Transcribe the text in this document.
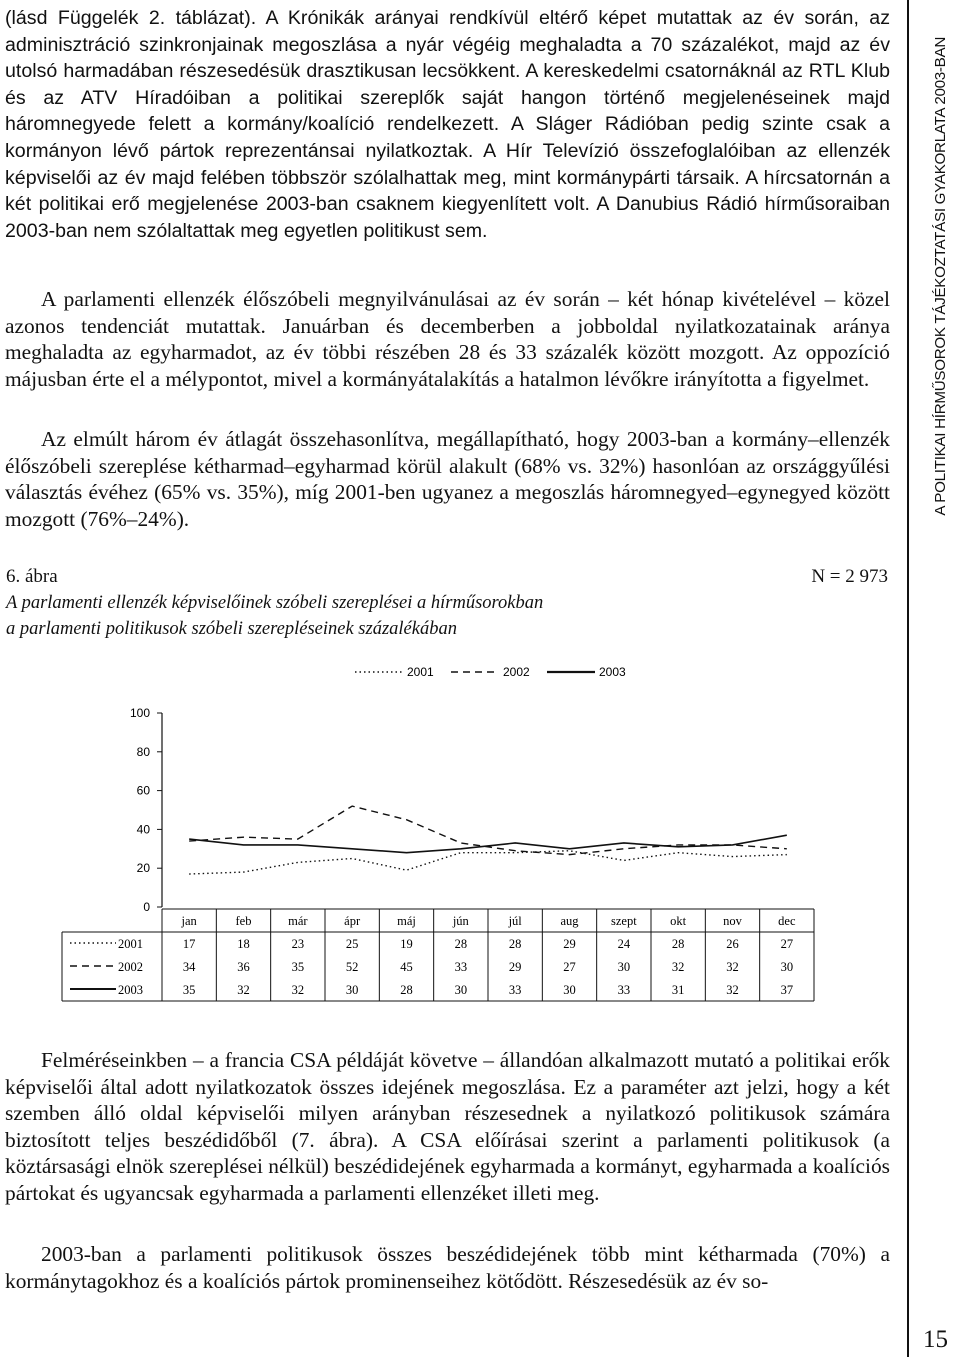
(lásd Függelék 2. táblázat). A Krónikák arányai rendkívül eltérő képet mutattak az év során, az adminisztráció szinkronjainak megoszlása a nyár végéig meghaladta a 70 százalékot, majd az év utolsó harmadában részesedésük drasztikusan lecsökkent. A kereskedelmi csatornáknál az RTL Klub és az ATV Híradóiban a politikai szereplők saját hangon történő megjelenéseinek majd háromnegyede felett a kormány/koalíció rendelkezett. A Sláger Rádióban pedig szinte csak a kormányon lévő pártok reprezentánsai nyilatkoztak. A Hír Televízió összefoglalóiban az ellenzék képviselői az év majd felében többször szólalhattak meg, mint kormánypárti társaik. A hírcsatornán a két politikai erő megjelenése 2003-ban csaknem kiegyenlített volt. A Danubius Rádió hírműsoraiban 2003-ban nem szólaltattak meg egyetlen politikust sem.

A parlamenti ellenzék élőszóbeli megnyilvánulásai az év során – két hónap kivételével – közel azonos tendenciát mutattak. Januárban és decemberben a jobboldal nyilatkozatainak aránya meghaladta az egyharmadot, az év többi részében 28 és 33 százalék között mozgott. Az oppozíció májusban érte el a mélypontot, mivel a kormányátalakítás a hatalmon lévőkre irányította a figyelmet.

Az elmúlt három év átlagát összehasonlítva, megállapítható, hogy 2003-ban a kormány–ellenzék élőszóbeli szereplése kétharmad–egyharmad körül alakult (68% vs. 32%) hasonlóan az országgyűlési választás évéhez (65% vs. 35%), míg 2001-ben ugyanez a megoszlás háromnegyed–egynegyed között mozgott (76%–24%).

A POLITIKAI HÍRMŰSOROK TÁJÉKOZTATÁSI GYAKORLATA 2003-BAN
6. ábra	N = 2 973
A parlamenti ellenzék képviselőinek szóbeli szereplései a hírműsorokban
a parlamenti politikusok szóbeli szerepléseinek százalékában
0
20
40
60
80
100
2001	2002	2003
jan	feb	már	ápr	máj	jún	júl	aug	szept	okt	nov	dec
2001	17	18	23	25	19	28	28	29	24	28	26	27
2002	34	36	35	52	45	33	29	27	30	32	32	30
2003	35	32	32	30	28	30	33	30	33	31	32	37

Felméréseinkben – a francia CSA példáját követve – állandóan alkalmazott mutató a politikai erők képviselői által adott nyilatkozatok összes idejének megoszlása. Ez a paraméter azt jelzi, hogy a két szemben álló oldal képviselői milyen arányban részesednek a nyilatkozó politikusok számára biztosított teljes beszédidőből (7. ábra). A CSA előírásai szerint a parlamenti politikusok (a köztársasági elnök szereplései nélkül) beszédidejének egyharmada a kormányt, egyharmada a koalíciós pártokat és ugyancsak egyharmada a parlamenti ellenzéket illeti meg.

2003-ban a parlamenti politikusok összes beszédidejének több mint kétharmada (70%) a kormánytagokhoz és a koalíciós pártok prominenseihez kötődött. Részesedésük az év so-

15
